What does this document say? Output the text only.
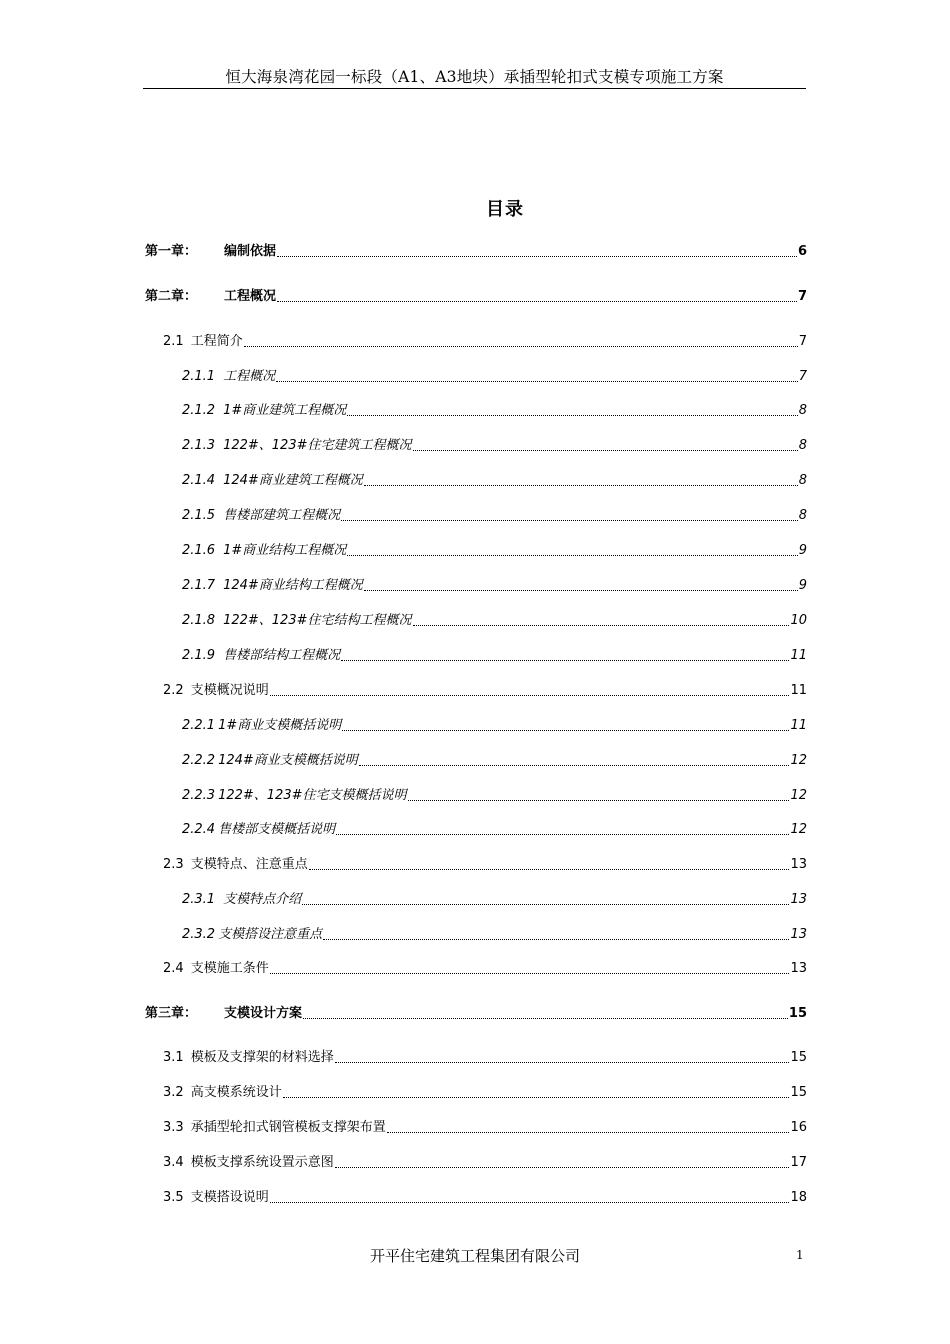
恒大海泉湾花园一标段（A1、A3地块）承插型轮扣式支模专项施工方案
目录
第一章：	编制依据	6
第二章：	工程概况	7
2.1 工程简介	7
2.1.1 工程概况	7
2.1.2 1#商业建筑工程概况	8
2.1.3 122#、123#住宅建筑工程概况	8
2.1.4 124#商业建筑工程概况	8
2.1.5 售楼部建筑工程概况	8
2.1.6 1#商业结构工程概况	9
2.1.7 124#商业结构工程概况	9
2.1.8 122#、123#住宅结构工程概况	10
2.1.9 售楼部结构工程概况	11
2.2 支模概况说明	11
2.2.1 1#商业支模概括说明	11
2.2.2 124#商业支模概括说明	12
2.2.3 122#、123#住宅支模概括说明	12
2.2.4 售楼部支模概括说明	12
2.3 支模特点、注意重点	13
2.3.1 支模特点介绍	13
2.3.2 支模搭设注意重点	13
2.4 支模施工条件	13
第三章：	支模设计方案	15
3.1 模板及支撑架的材料选择	15
3.2 高支模系统设计	15
3.3 承插型轮扣式钢管模板支撑架布置	16
3.4 模板支撑系统设置示意图	17
3.5 支模搭设说明	18
开平住宅建筑工程集团有限公司	1
